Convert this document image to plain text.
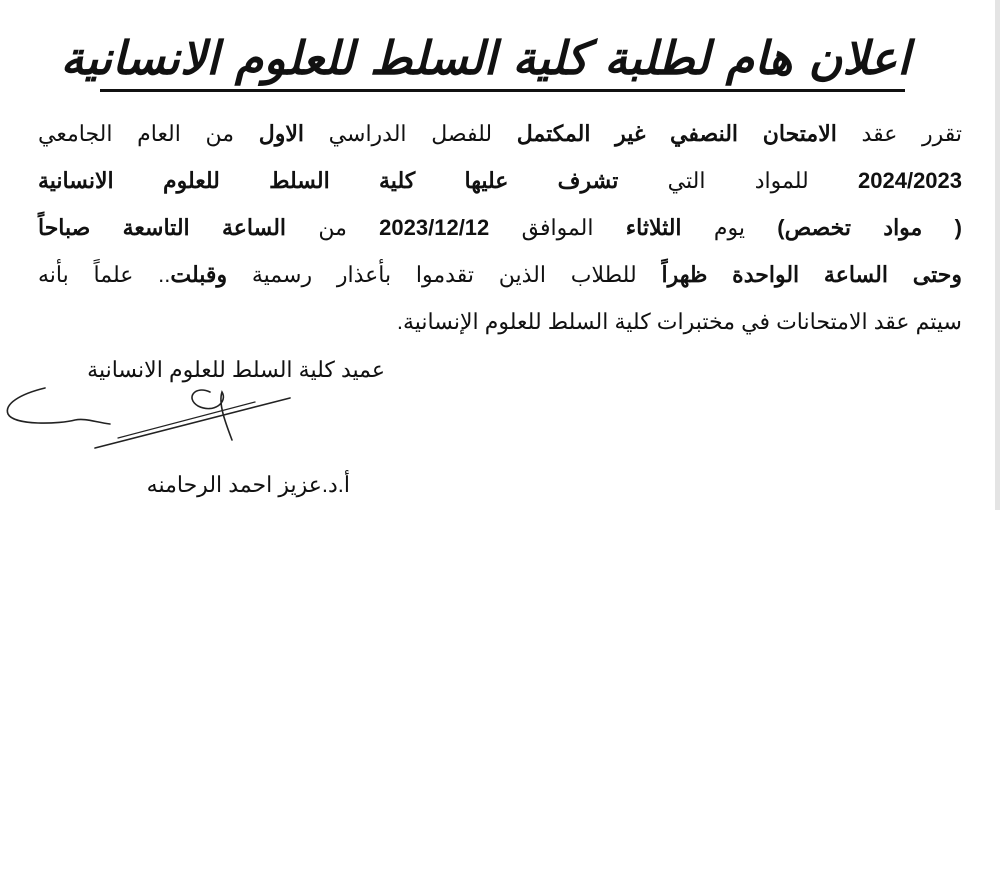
اعلان هام لطلبة كلية السلط للعلوم الانسانية
تقرر عقد الامتحان النصفي غير المكتمل للفصل الدراسي الاول من العام الجامعي
2024/2023 للمواد التي تشرف عليها كلية السلط للعلوم الانسانية
( مواد تخصص) يوم الثلاثاء الموافق 2023/12/12 من الساعة التاسعة صباحاً
وحتى الساعة الواحدة ظهراً للطلاب الذين تقدموا بأعذار رسمية وقبلت.. علماً بأنه
سيتم عقد الامتحانات في مختبرات كلية السلط للعلوم الإنسانية.
عميد كلية السلط للعلوم الانسانية
أ.د.عزيز احمد الرحامنه
